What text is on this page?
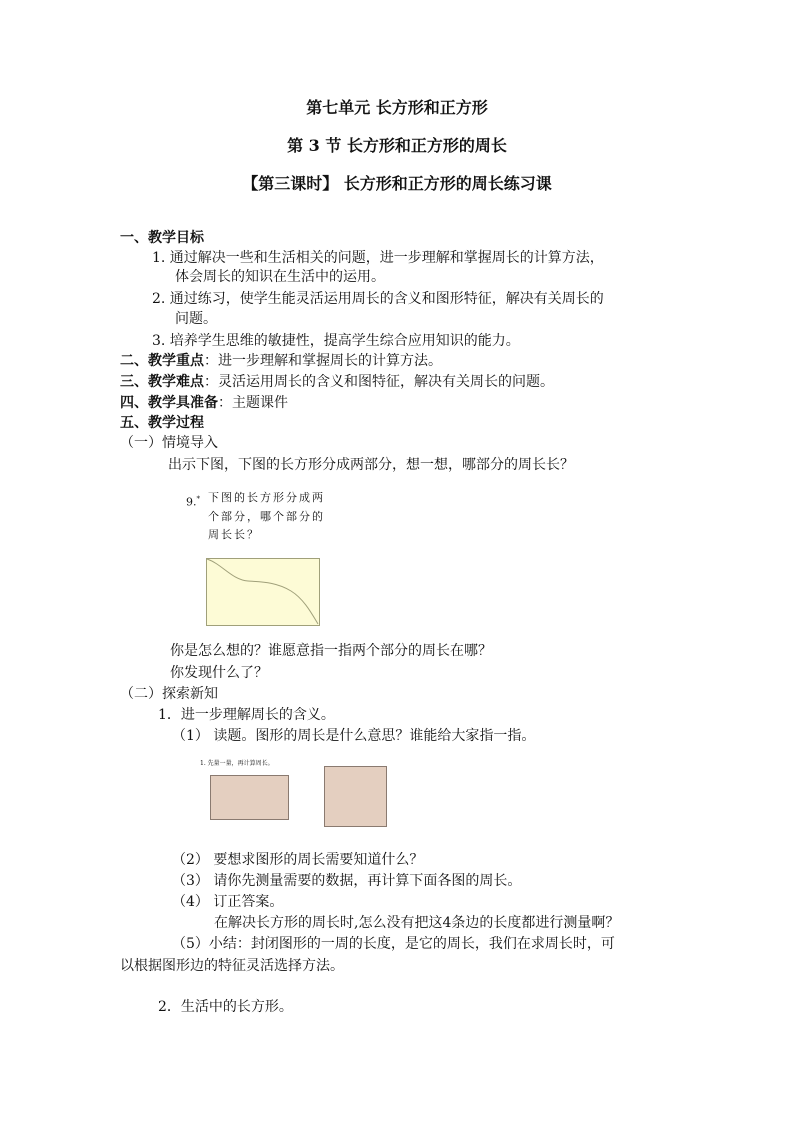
第七单元 长方形和正方形
第 3 节 长方形和正方形的周长
【第三课时】 长方形和正方形的周长练习课
一、教学目标
1. 通过解决一些和生活相关的问题，进一步理解和掌握周长的计算方法，
体会周长的知识在生活中的运用。
2. 通过练习，使学生能灵活运用周长的含义和图形特征，解决有关周长的
问题。
3. 培养学生思维的敏捷性，提高学生综合应用知识的能力。
二、教学重点：进一步理解和掌握周长的计算方法。
三、教学难点：灵活运用周长的含义和图特征，解决有关周长的问题。
四、教学具准备：主题课件
五、教学过程
（一）情境导入
出示下图，下图的长方形分成两部分，想一想，哪部分的周长长？
9.* 下图的长方形分成两
个部分，哪个部分的
周长长？
你是怎么想的？谁愿意指一指两个部分的周长在哪？
你发现什么了？
（二）探索新知
1．进一步理解周长的含义。
（1） 读题。图形的周长是什么意思？谁能给大家指一指。
1. 先量一量，再计算周长。
（2） 要想求图形的周长需要知道什么？
（3） 请你先测量需要的数据，再计算下面各图的周长。
（4） 订正答案。
在解决长方形的周长时,怎么没有把这4条边的长度都进行测量啊？
（5）小结：封闭图形的一周的长度，是它的周长，我们在求周长时，可
以根据图形边的特征灵活选择方法。
2．生活中的长方形。
